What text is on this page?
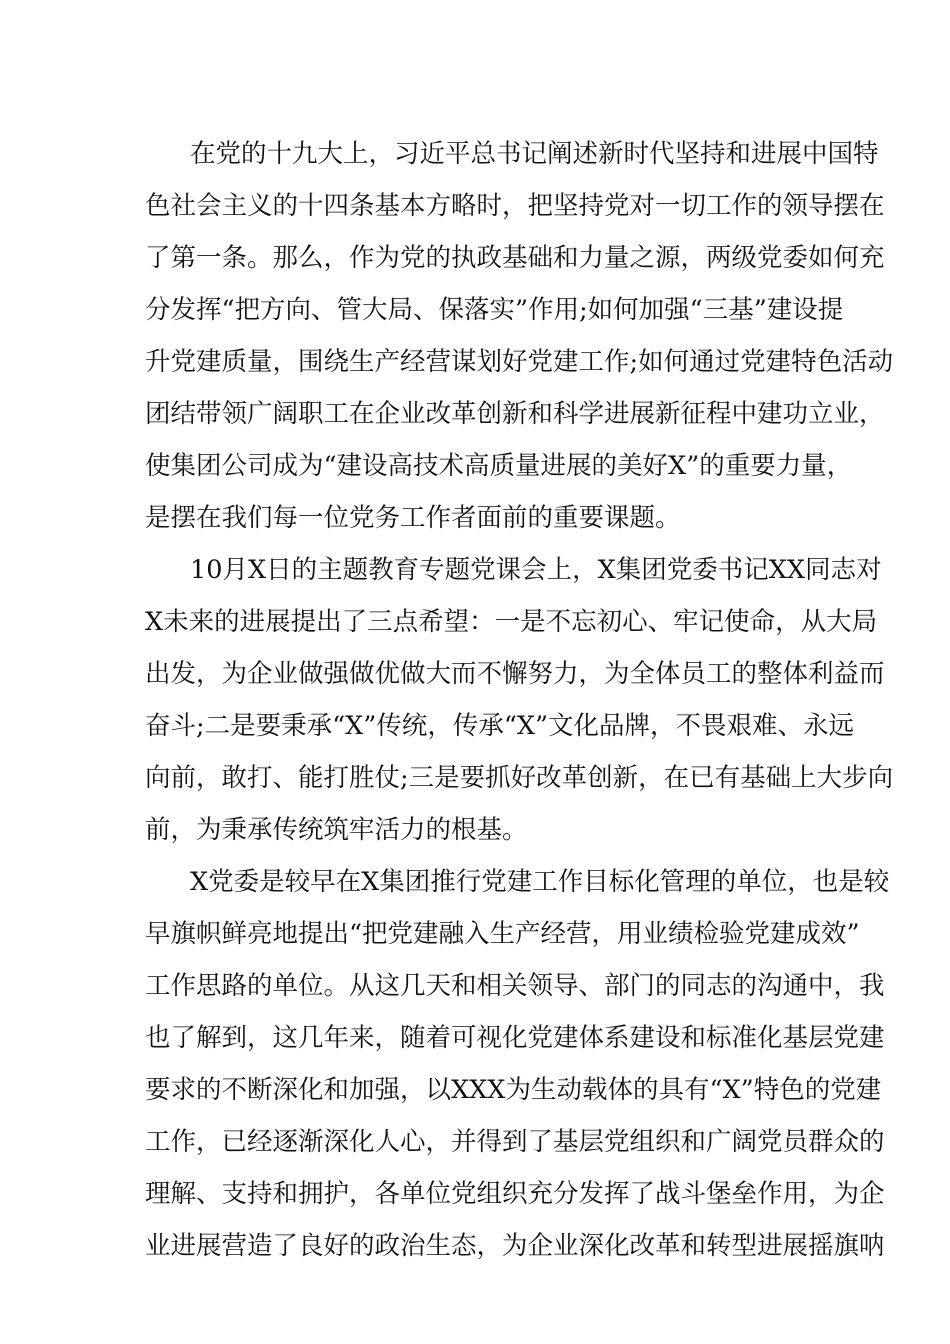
在党的十九大上，习近平总书记阐述新时代坚持和进展中国特
色社会主义的十四条基本方略时，把坚持党对一切工作的领导摆在
了第一条。那么，作为党的执政基础和力量之源，两级党委如何充
分发挥“把方向、管大局、保落实”作用;如何加强“三基”建设提
升党建质量，围绕生产经营谋划好党建工作;如何通过党建特色活动
团结带领广阔职工在企业改革创新和科学进展新征程中建功立业，
使集团公司成为“建设高技术高质量进展的美好X”的重要力量，
是摆在我们每一位党务工作者面前的重要课题。
10月X日的主题教育专题党课会上，X集团党委书记XX同志对
X未来的进展提出了三点希望：一是不忘初心、牢记使命，从大局
出发，为企业做强做优做大而不懈努力，为全体员工的整体利益而
奋斗;二是要秉承“X”传统，传承“X”文化品牌，不畏艰难、永远
向前，敢打、能打胜仗;三是要抓好改革创新，在已有基础上大步向
前，为秉承传统筑牢活力的根基。
X党委是较早在X集团推行党建工作目标化管理的单位，也是较
早旗帜鲜亮地提出“把党建融入生产经营，用业绩检验党建成效”
工作思路的单位。从这几天和相关领导、部门的同志的沟通中，我
也了解到，这几年来，随着可视化党建体系建设和标准化基层党建
要求的不断深化和加强，以XXX为生动载体的具有“X”特色的党建
工作，已经逐渐深化人心，并得到了基层党组织和广阔党员群众的
理解、支持和拥护，各单位党组织充分发挥了战斗堡垒作用，为企
业进展营造了良好的政治生态，为企业深化改革和转型进展摇旗呐
